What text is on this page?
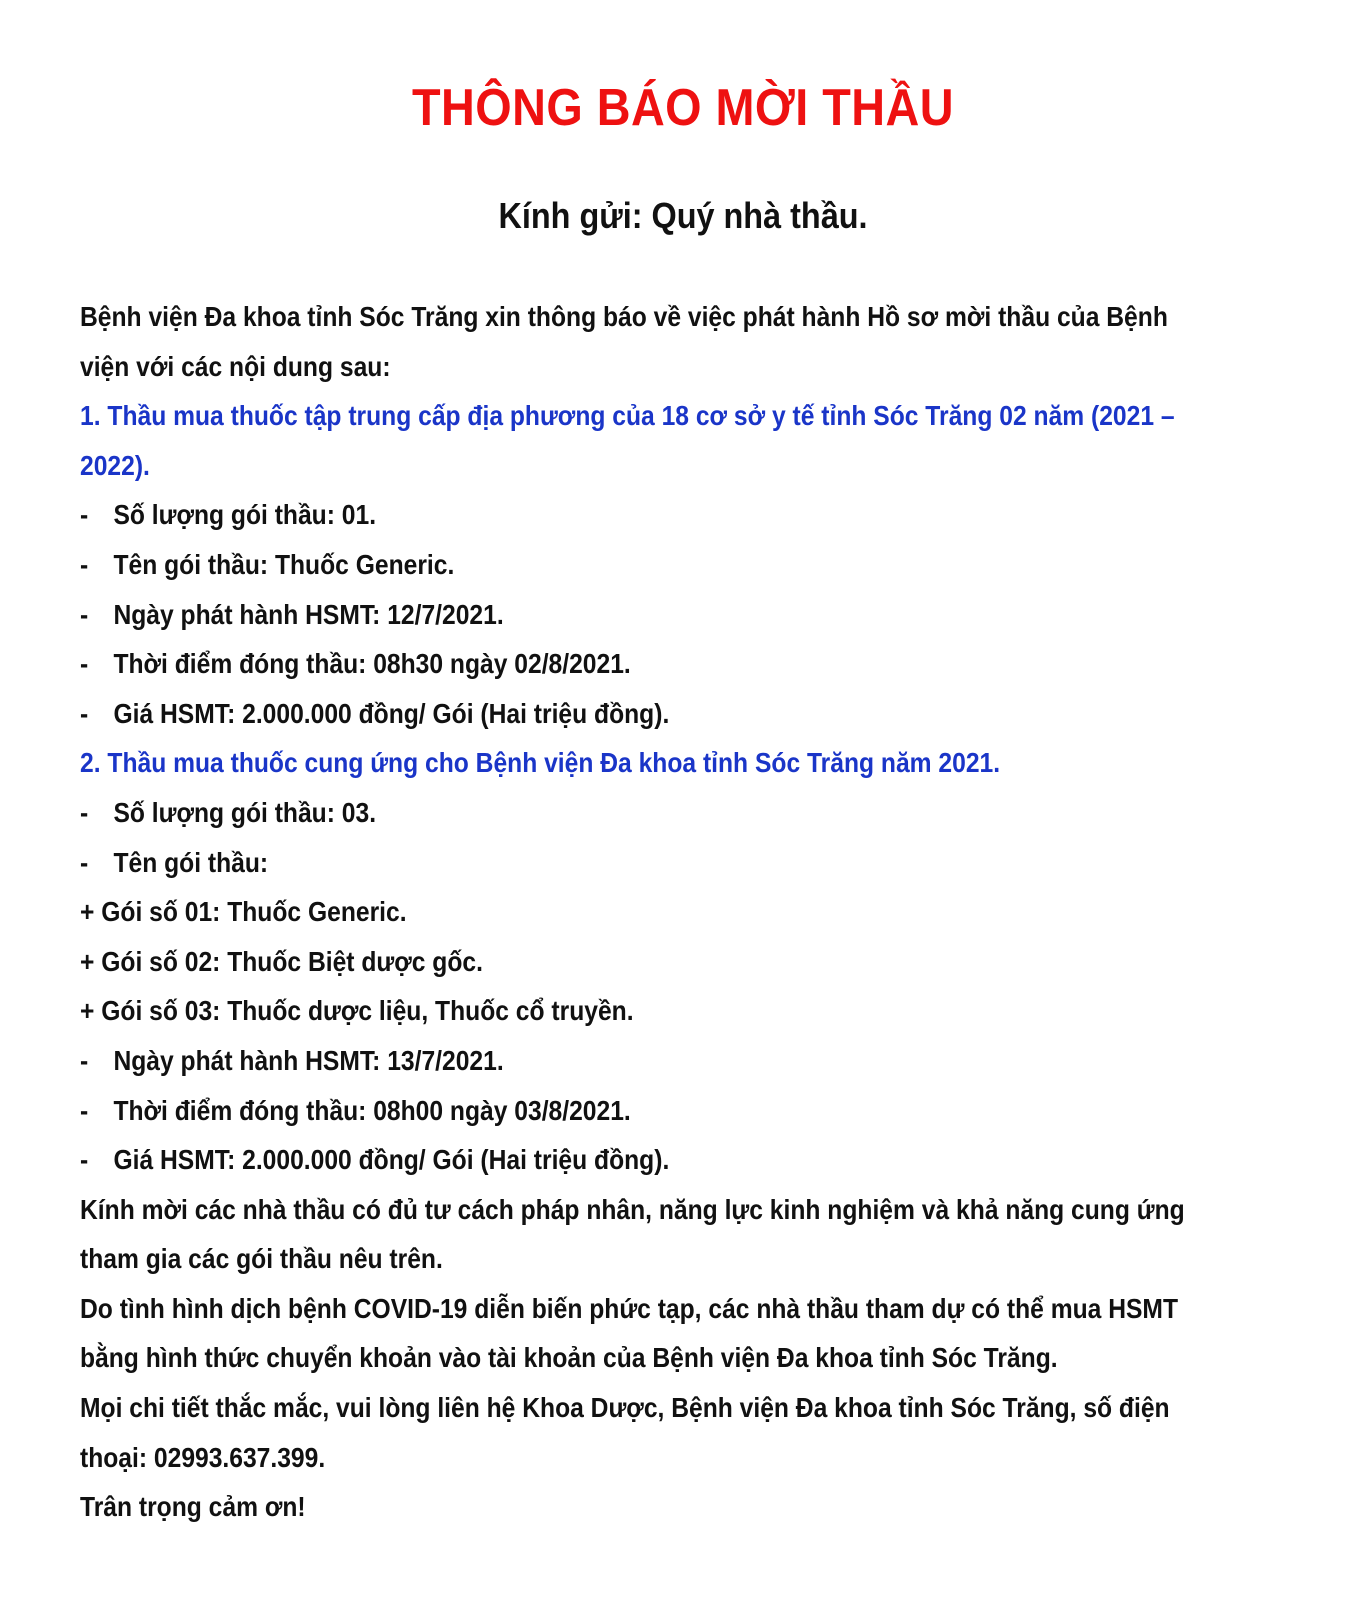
THÔNG BÁO MỜI THẦU
Kính gửi: Quý nhà thầu.
Bệnh viện Đa khoa tỉnh Sóc Trăng xin thông báo về việc phát hành Hồ sơ mời thầu của Bệnh
viện với các nội dung sau:
1. Thầu mua thuốc tập trung cấp địa phương của 18 cơ sở y tế tỉnh Sóc Trăng 02 năm (2021 –
2022).
- Số lượng gói thầu: 01.
- Tên gói thầu: Thuốc Generic.
- Ngày phát hành HSMT: 12/7/2021.
- Thời điểm đóng thầu: 08h30 ngày 02/8/2021.
- Giá HSMT: 2.000.000 đồng/ Gói (Hai triệu đồng).
2. Thầu mua thuốc cung ứng cho Bệnh viện Đa khoa tỉnh Sóc Trăng năm 2021.
- Số lượng gói thầu: 03.
- Tên gói thầu:
+ Gói số 01: Thuốc Generic.
+ Gói số 02: Thuốc Biệt dược gốc.
+ Gói số 03: Thuốc dược liệu, Thuốc cổ truyền.
- Ngày phát hành HSMT: 13/7/2021.
- Thời điểm đóng thầu: 08h00 ngày 03/8/2021.
- Giá HSMT: 2.000.000 đồng/ Gói (Hai triệu đồng).
Kính mời các nhà thầu có đủ tư cách pháp nhân, năng lực kinh nghiệm và khả năng cung ứng
tham gia các gói thầu nêu trên.
Do tình hình dịch bệnh COVID-19 diễn biến phức tạp, các nhà thầu tham dự có thể mua HSMT
bằng hình thức chuyển khoản vào tài khoản của Bệnh viện Đa khoa tỉnh Sóc Trăng.
Mọi chi tiết thắc mắc, vui lòng liên hệ Khoa Dược, Bệnh viện Đa khoa tỉnh Sóc Trăng, số điện
thoại: 02993.637.399.
Trân trọng cảm ơn!
